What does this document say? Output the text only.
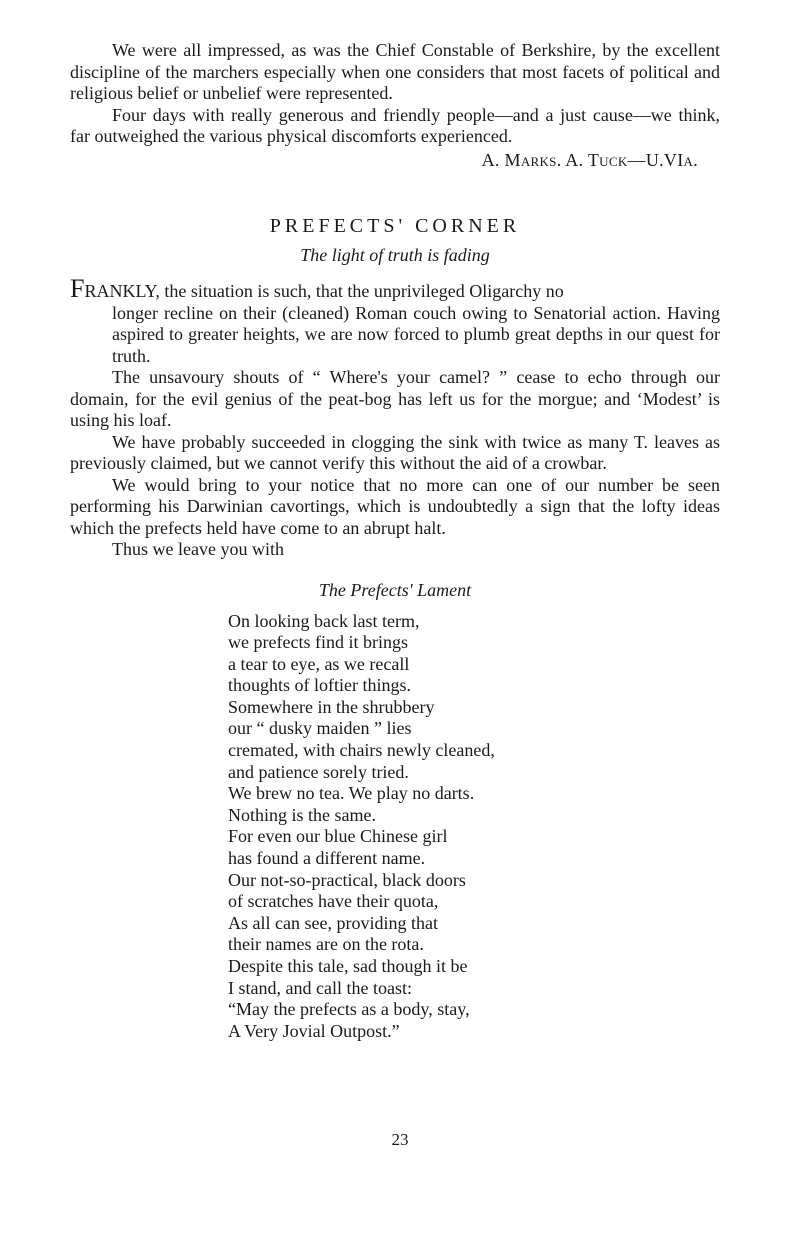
We were all impressed, as was the Chief Constable of Berkshire, by the excellent discipline of the marchers especially when one considers that most facets of political and religious belief or unbelief were represented.

Four days with really generous and friendly people—and a just cause—we think, far outweighed the various physical discomforts experienced.

A. Marks. A. Tuck—U.VIa.
PREFECTS' CORNER
The light of truth is fading

FRANKLY, the situation is such, that the unprivileged Oligarchy no

longer recline on their (cleaned) Roman couch owing to Senatorial action. Having aspired to greater heights, we are now forced to plumb great depths in our quest for truth.

The unsavoury shouts of “ Where's your camel? ” cease to echo through our domain, for the evil genius of the peat-bog has left us for the morgue; and ‘Modest’ is using his loaf.

We have probably succeeded in clogging the sink with twice as many T. leaves as previously claimed, but we cannot verify this without the aid of a crowbar.

We would bring to your notice that no more can one of our number be seen performing his Darwinian cavortings, which is undoubtedly a sign that the lofty ideas which the prefects held have come to an abrupt halt.

Thus we leave you with

The Prefects' Lament
On looking back last term,
we prefects find it brings
a tear to eye, as we recall
thoughts of loftier things.
Somewhere in the shrubbery
our “ dusky maiden ” lies
cremated, with chairs newly cleaned,
and patience sorely tried.
We brew no tea. We play no darts.
Nothing is the same.
For even our blue Chinese girl
has found a different name.
Our not-so-practical, black doors
of scratches have their quota,
As all can see, providing that
their names are on the rota.
Despite this tale, sad though it be
I stand, and call the toast:
“May the prefects as a body, stay,
A Very Jovial Outpost.”
23
